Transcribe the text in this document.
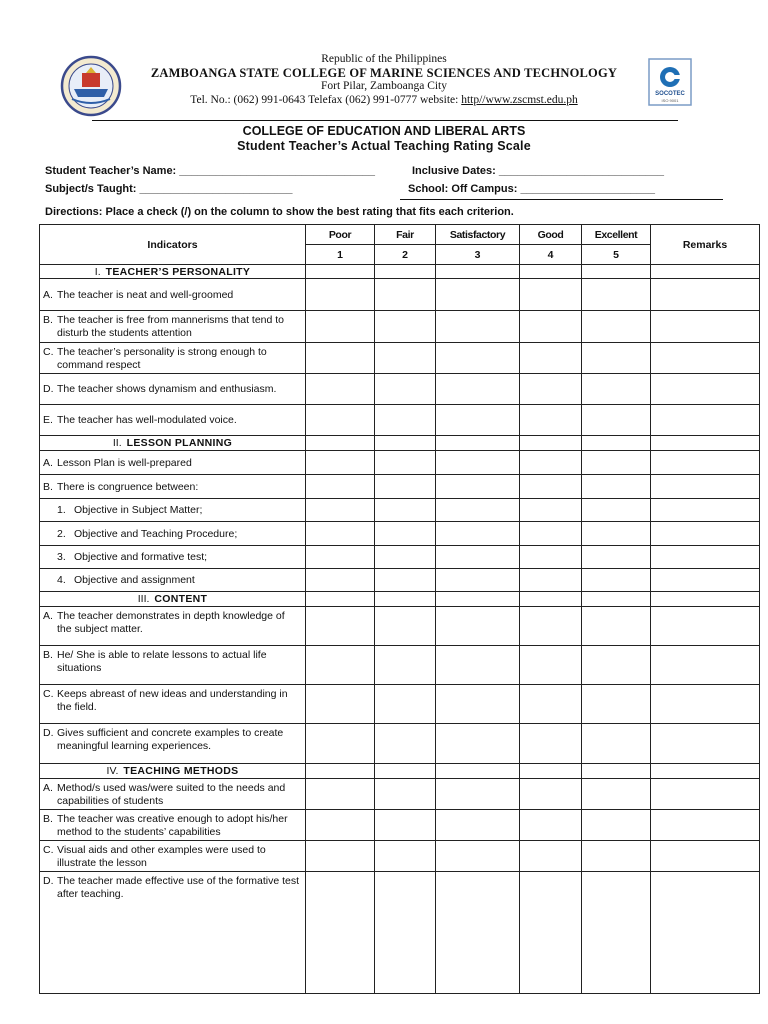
SOCOTEC
ISO 9001
Republic of the Philippines
ZAMBOANGA STATE COLLEGE OF MARINE SCIENCES AND TECHNOLOGY
Fort Pilar, Zamboanga City
Tel. No.: (062) 991-0643 Telefax (062) 991-0777 website: http//www.zscmst.edu.ph
COLLEGE OF EDUCATION AND LIBERAL ARTS
Student Teacher’s Actual Teaching Rating Scale
Student Teacher’s Name: ________________________________	Inclusive Dates: ___________________________
Subject/s Taught: _________________________	School: Off Campus: ______________________
Directions: Place a check (/) on the column to show the best rating that fits each criterion.
Indicators	Poor	Fair	Satisfactory	Good	Excellent	Remarks
	1	2	3	4	5	
I. TEACHER’S PERSONALITY						

A. The teacher is neat and well-groomed						

B. The teacher is free from mannerisms that tend to disturb the students attention						

C. The teacher’s personality is strong enough to command respect						

D. The teacher shows dynamism and enthusiasm.						

E. The teacher has well-modulated voice.						

II. LESSON PLANNING						

A. Lesson Plan is well-prepared						

B. There is congruence between:						

1. Objective in Subject Matter;						

2. Objective and Teaching Procedure;						

3. Objective and formative test;						

4. Objective and assignment						

III. CONTENT						

A. The teacher demonstrates in depth knowledge of the subject matter.						

B. He/ She is able to relate lessons to actual life situations						

C. Keeps abreast of new ideas and understanding in the field.						

D. Gives sufficient and concrete examples to create meaningful learning experiences.						

IV. TEACHING METHODS						

A. Method/s used was/were suited to the needs and capabilities of students						

B. The teacher was creative enough to adopt his/her method to the students’ capabilities						

C. Visual aids and other examples were used to illustrate the lesson						

D. The teacher made effective use of the formative test after teaching.						
